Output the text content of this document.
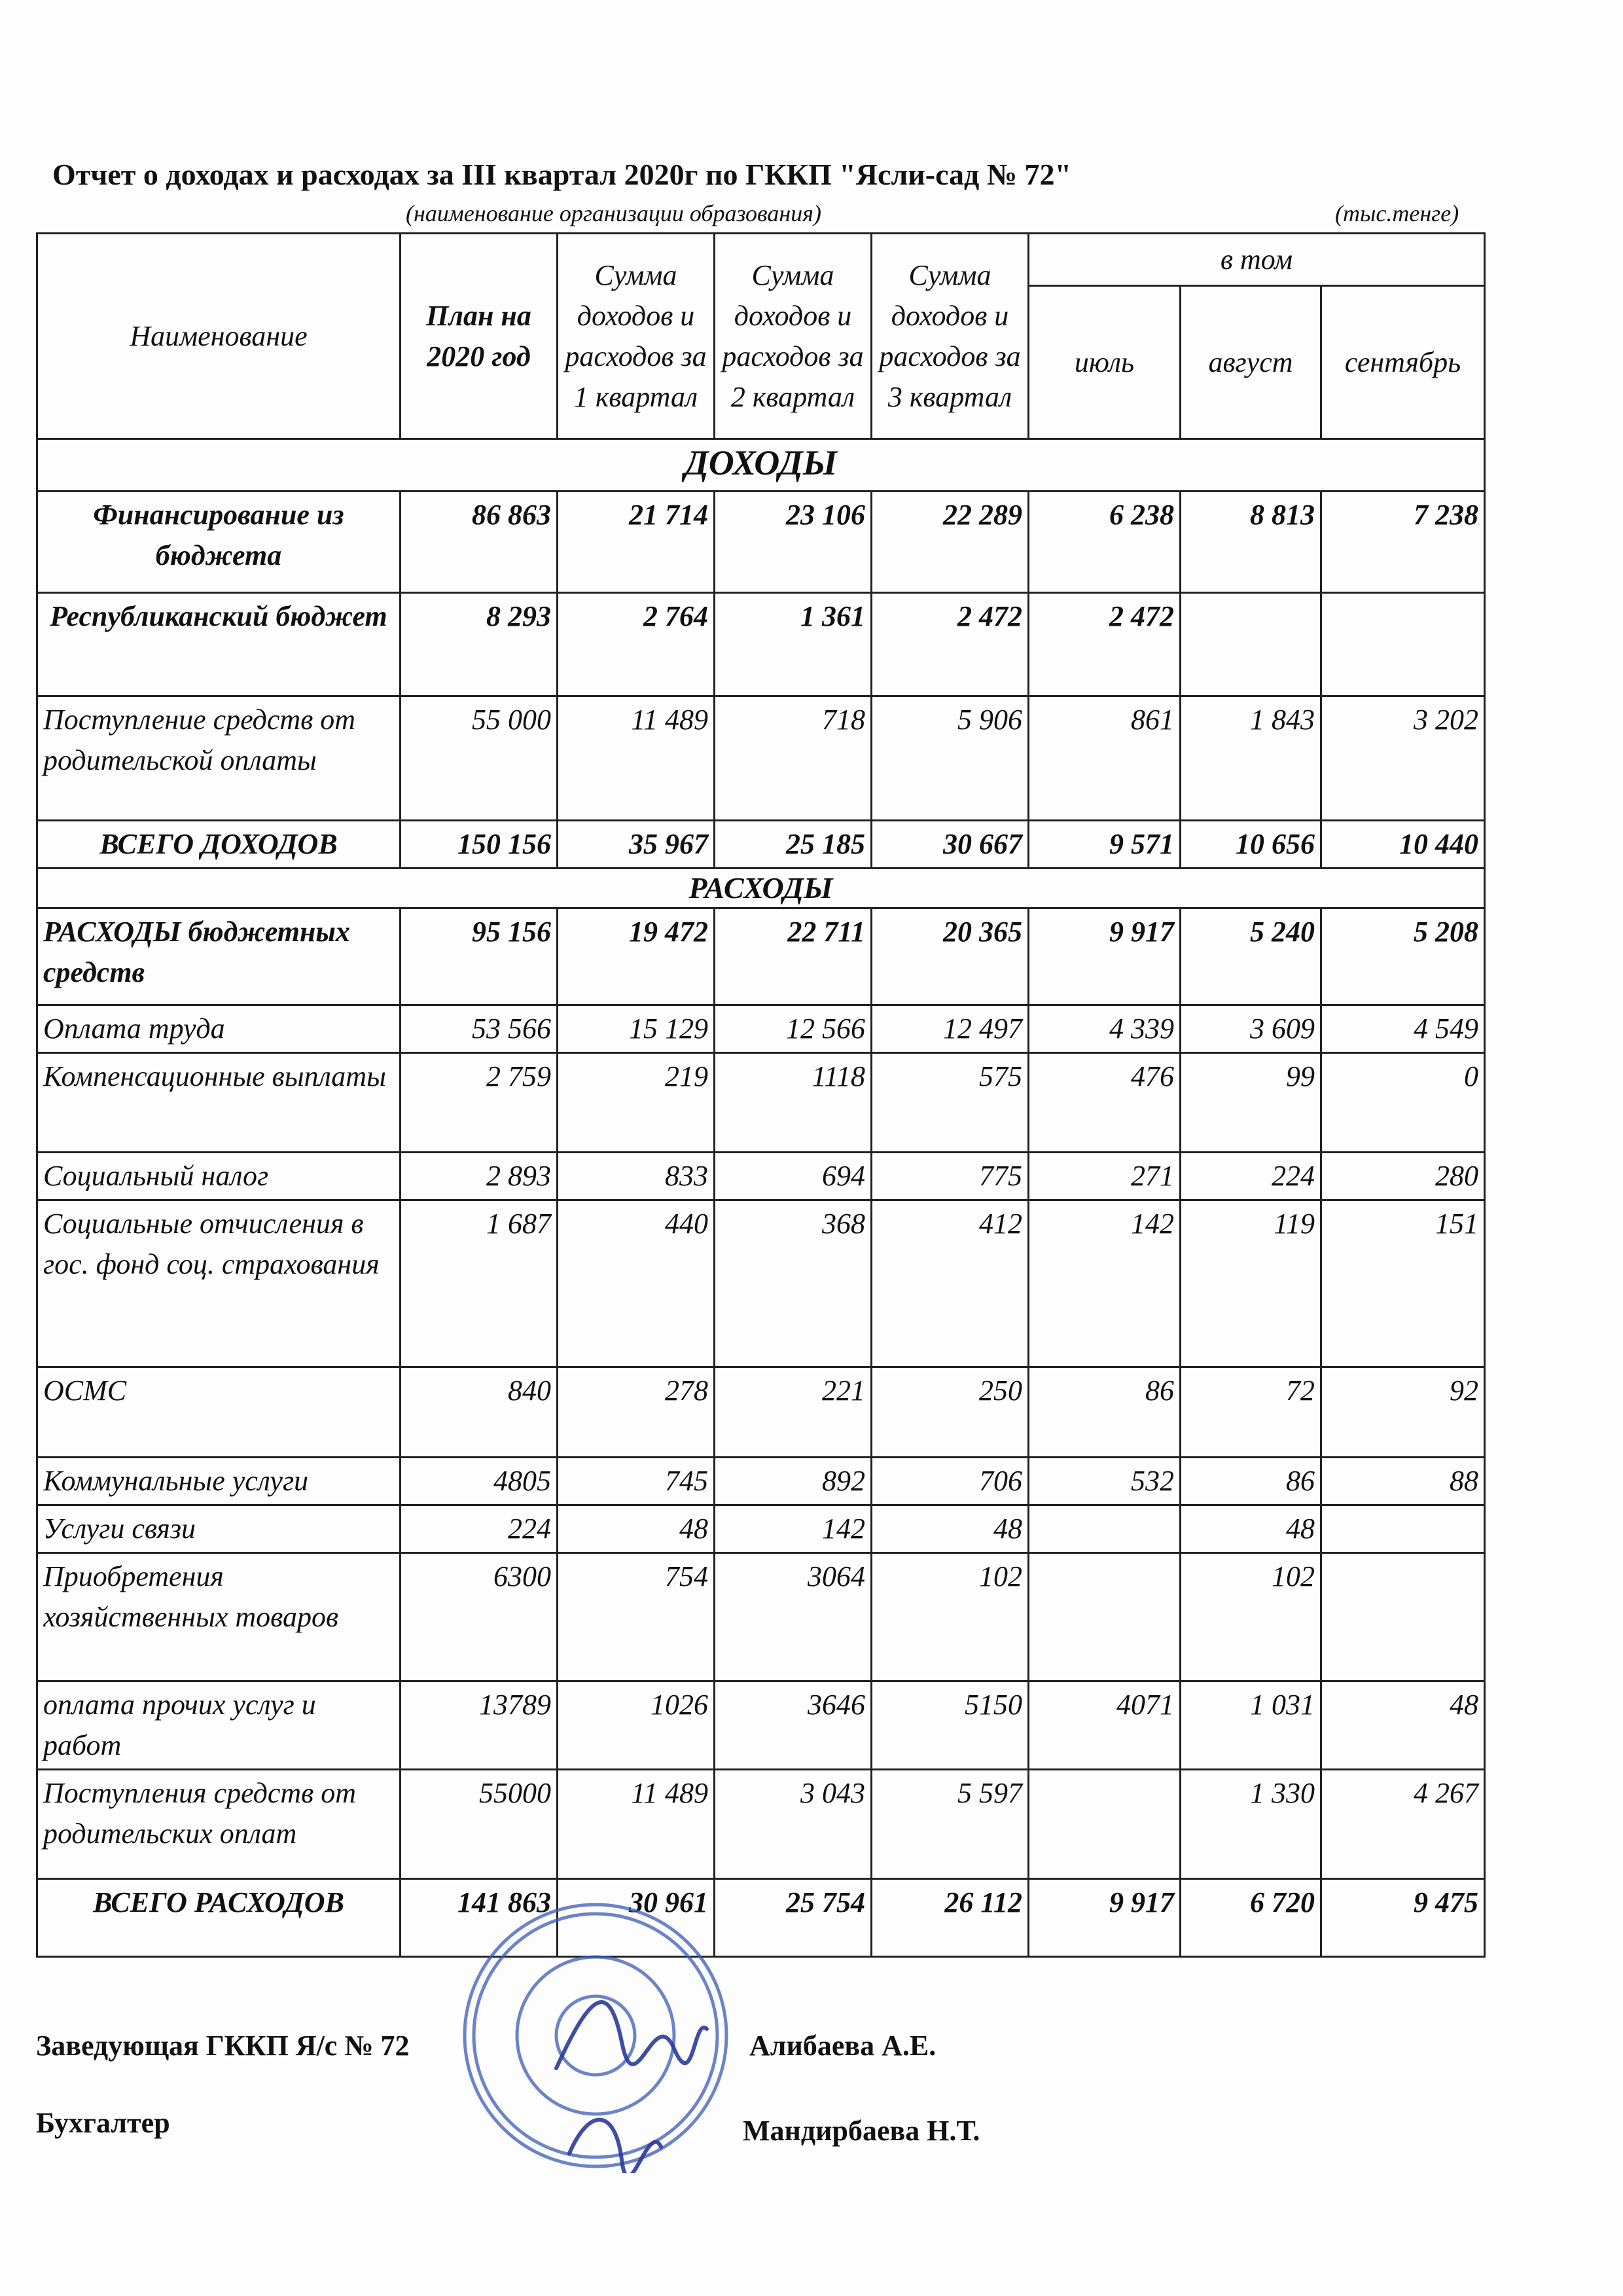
Отчет о доходах и расходах за III квартал 2020г по ГККП "Ясли-сад № 72"
(наименование организации образования)	(тыс.тенге)
Наименование	План на 2020 год	Сумма доходов и расходов за 1 квартал	Сумма доходов и расходов за 2 квартал	Сумма доходов и расходов за 3 квартал	в том		
					июль	август	сентябрь
ДОХОДЫ							
Финансирование из бюджета	86 863	21 714	23 106	22 289	6 238	8 813	7 238
Республиканский бюджет	8 293	2 764	1 361	2 472	2 472		
Поступление средств от родительской оплаты	55 000	11 489	718	5 906	861	1 843	3 202
ВСЕГО ДОХОДОВ	150 156	35 967	25 185	30 667	9 571	10 656	10 440
РАСХОДЫ							
РАСХОДЫ бюджетных средств	95 156	19 472	22 711	20 365	9 917	5 240	5 208
Оплата труда	53 566	15 129	12 566	12 497	4 339	3 609	4 549
Компенсационные выплаты	2 759	219	1118	575	476	99	0
Социальный налог	2 893	833	694	775	271	224	280
Социальные отчисления в гос. фонд соц. страхования	1 687	440	368	412	142	119	151
ОСМС	840	278	221	250	86	72	92
Коммунальные услуги	4805	745	892	706	532	86	88
Услуги связи	224	48	142	48		48	
Приобретения хозяйственных товаров	6300	754	3064	102		102	
оплата прочих услуг и работ	13789	1026	3646	5150	4071	1 031	48
Поступления средств от родительских оплат	55000	11 489	3 043	5 597		1 330	4 267
ВСЕГО РАСХОДОВ	141 863	30 961	25 754	26 112	9 917	6 720	9 475
Заведующая ГККП Я/с № 72	Алибаева А.Е.
Бухгалтер	Мандирбаева Н.Т.
